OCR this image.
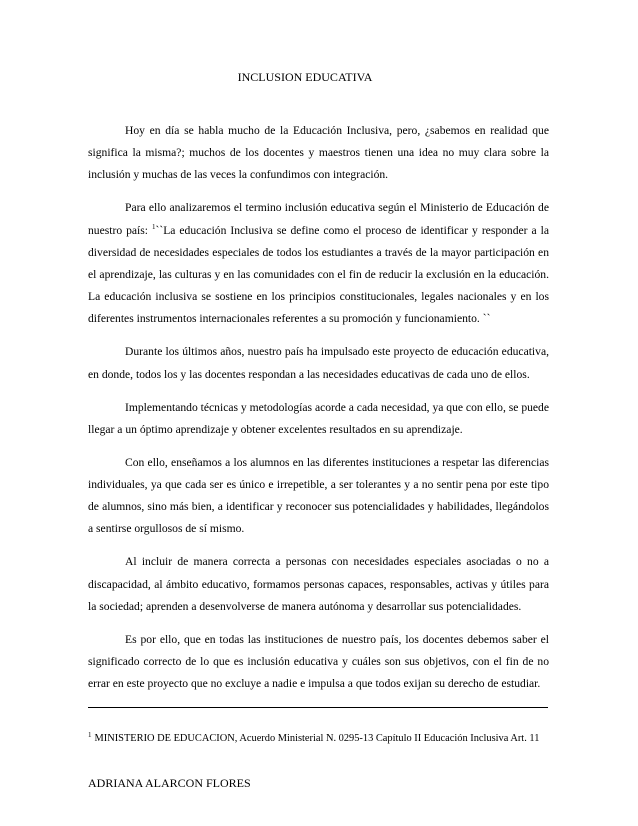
INCLUSION EDUCATIVA

Hoy en día se habla mucho de la Educación Inclusiva, pero, ¿sabemos en realidad que significa la misma?; muchos de los docentes y maestros tienen una idea no muy clara sobre la inclusión y muchas de las veces la confundimos con integración.

Para ello analizaremos el termino inclusión educativa según el Ministerio de Educación de nuestro país: $^1$``La educación Inclusiva se define como el proceso de identificar y responder a la diversidad de necesidades especiales de todos los estudiantes a través de la mayor participación en el aprendizaje, las culturas y en las comunidades con el fin de reducir la exclusión en la educación. La educación inclusiva se sostiene en los principios constitucionales, legales nacionales y en los diferentes instrumentos internacionales referentes a su promoción y funcionamiento. ``

Durante los últimos años, nuestro país ha impulsado este proyecto de educación educativa, en donde, todos los y las docentes respondan a las necesidades educativas de cada uno de ellos.

Implementando técnicas y metodologías acorde a cada necesidad, ya que con ello, se puede llegar a un óptimo aprendizaje y obtener excelentes resultados en su aprendizaje.

Con ello, enseñamos a los alumnos en las diferentes instituciones a respetar las diferencias individuales, ya que cada ser es único e irrepetible, a ser tolerantes y a no sentir pena por este tipo de alumnos, sino más bien, a identificar y reconocer sus potencialidades y habilidades, llegándolos a sentirse orgullosos de sí mismo.

Al incluir de manera correcta a personas con necesidades especiales asociadas o no a discapacidad, al ámbito educativo, formamos personas capaces, responsables, activas y útiles para la sociedad; aprenden a desenvolverse de manera autónoma y desarrollar sus potencialidades.

Es por ello, que en todas las instituciones de nuestro país, los docentes debemos saber el significado correcto de lo que es inclusión educativa y cuáles son sus objetivos, con el fin de no errar en este proyecto que no excluye a nadie e impulsa a que todos exijan su derecho de estudiar.

$^1$ MINISTERIO DE EDUCACION, Acuerdo Ministerial N. 0295-13 Capítulo II Educación Inclusiva Art. 11
ADRIANA ALARCON FLORES
